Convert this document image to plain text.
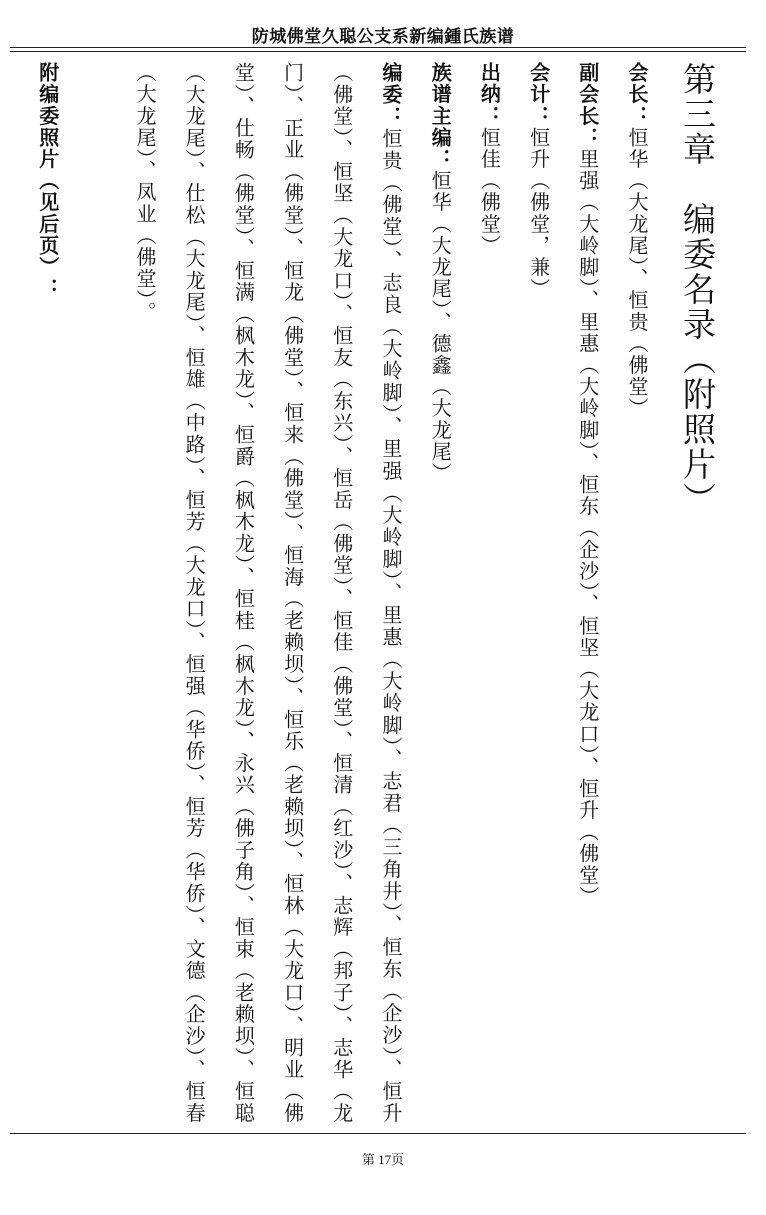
防城佛堂久聪公支系新编鍾氏族谱
第三章　编委名录（附照片）

会长：恒华（大龙尾）、恒贵（佛堂）

副会长：里强（大岭脚）、里惠（大岭脚）、恒东（企沙）、恒坚（大龙口）、恒升（佛堂）

会计：恒升（佛堂，兼）

出纳：恒佳（佛堂）

族谱主编：恒华（大龙尾）、德鑫（大龙尾）

编委：恒贵（佛堂）、志良（大岭脚）、里强（大岭脚）、里惠（大岭脚）、志君（三角井）、恒东（企沙）、恒升（佛堂）、恒坚（大龙口）、恒友（东兴）、恒岳（佛堂）、恒佳（佛堂）、恒清（红沙）、志辉（邦子）、志华（龙门）、正业（佛堂）、恒龙（佛堂）、恒来（佛堂）、恒海（老赖坝）、恒乐（老赖坝）、恒林（大龙口）、明业（佛堂）、仕畅（佛堂）、恒满（枫木龙）、恒爵（枫木龙）、恒桂（枫木龙）、永兴（佛子角）、恒束（老赖坝）、恒聪（大龙尾）、仕松（大龙尾）、恒雄（中路）、恒芳（大龙口）、恒强（华侨）、恒芳（华侨）、文德（企沙）、恒春（大龙尾）、凤业（佛堂）。

附编委照片（见后页）：

第 17页
